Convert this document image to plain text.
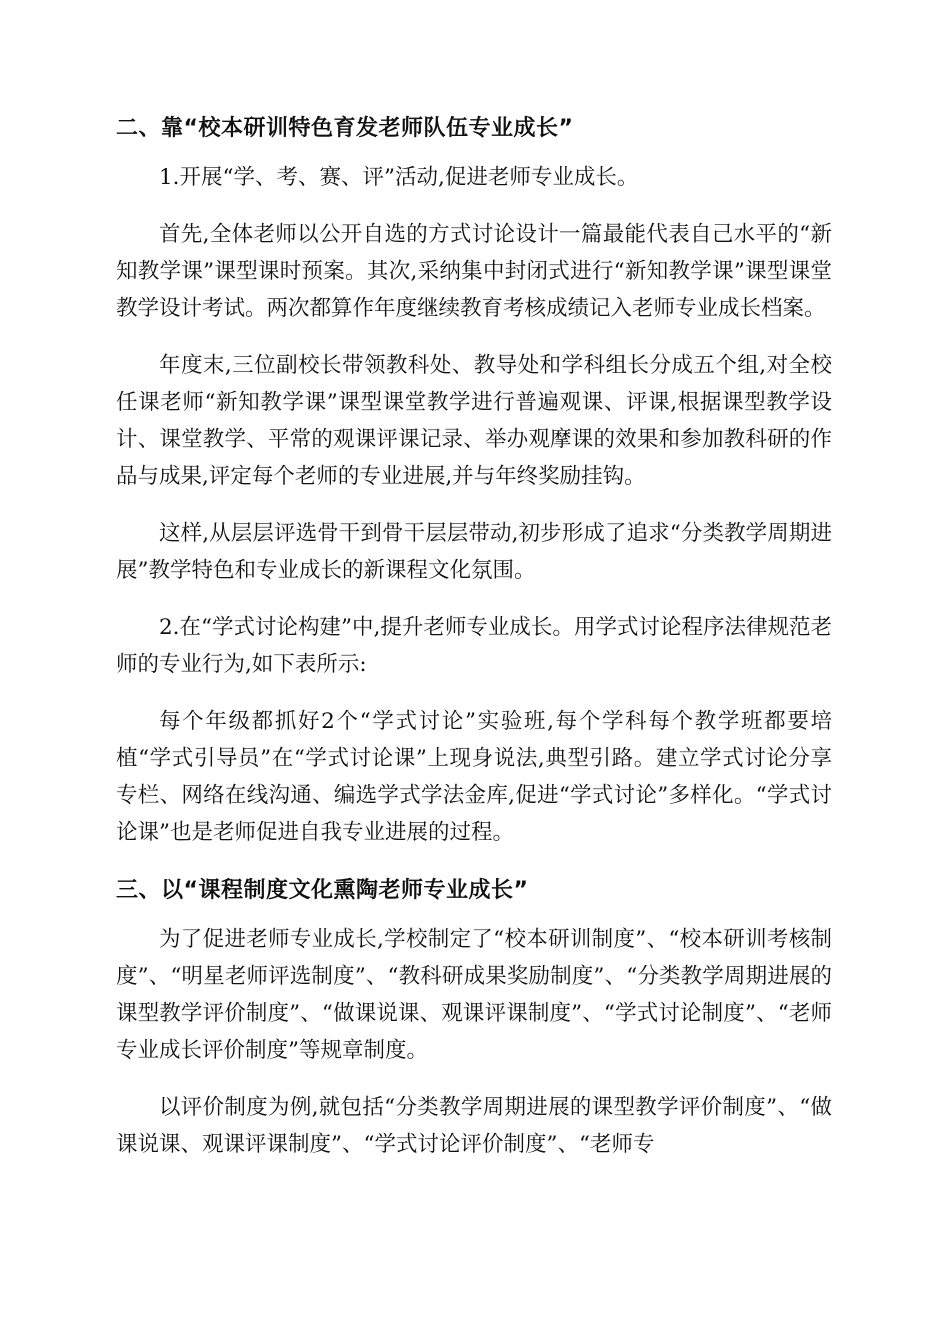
二、靠“校本研训特色育发老师队伍专业成长”

1.开展“学、考、赛、评”活动,促进老师专业成长。

首先,全体老师以公开自选的方式讨论设计一篇最能代表自己水平的“新知教学课”课型课时预案。其次,采纳集中封闭式进行“新知教学课”课型课堂教学设计考试。两次都算作年度继续教育考核成绩记入老师专业成长档案。

年度末,三位副校长带领教科处、教导处和学科组长分成五个组,对全校任课老师“新知教学课”课型课堂教学进行普遍观课、评课,根据课型教学设计、课堂教学、平常的观课评课记录、举办观摩课的效果和参加教科研的作品与成果,评定每个老师的专业进展,并与年终奖励挂钩。

这样,从层层评选骨干到骨干层层带动,初步形成了追求“分类教学周期进展”教学特色和专业成长的新课程文化氛围。

2.在“学式讨论构建”中,提升老师专业成长。用学式讨论程序法律规范老师的专业行为,如下表所示:

每个年级都抓好2个“学式讨论”实验班,每个学科每个教学班都要培植“学式引导员”在“学式讨论课”上现身说法,典型引路。建立学式讨论分享专栏、网络在线沟通、编选学式学法金库,促进“学式讨论”多样化。“学式讨论课”也是老师促进自我专业进展的过程。

三、以“课程制度文化熏陶老师专业成长”

为了促进老师专业成长,学校制定了“校本研训制度”、“校本研训考核制度”、“明星老师评选制度”、“教科研成果奖励制度”、“分类教学周期进展的课型教学评价制度”、“做课说课、观课评课制度”、“学式讨论制度”、“老师专业成长评价制度”等规章制度。

以评价制度为例,就包括“分类教学周期进展的课型教学评价制度”、“做课说课、观课评课制度”、“学式讨论评价制度”、“老师专
